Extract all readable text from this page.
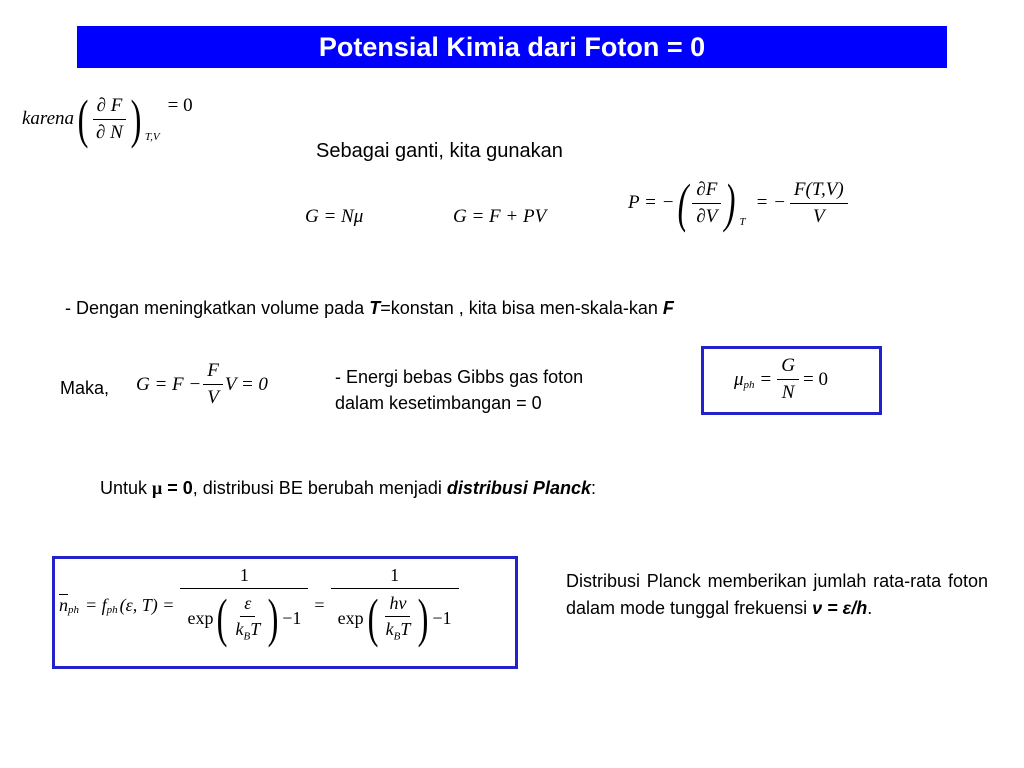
Potensial Kimia dari Foton = 0
karena ( $\frac{\partial F}{\partial N}$ ) $_{T,V}$
= 0
Sebagai ganti, kita gunakan
G = Nμ	G = F + PV
P = − ( $\frac{\partial F}{\partial V}$ ) $_T$
= − $\frac{F(T,V)}{V}$
- Dengan meningkatkan volume pada T=konstan , kita bisa men-skala-kan F
Maka, $G = F - \frac{F}{V}$ V = 0	- Energi bebas Gibbs gas foton
dalam kesetimbangan = 0
$\mu_{ph} = \frac{G}{N} = 0$
Untuk μ = 0, distribusi BE berubah menjadi distribusi Planck:
$\overline{n}_{ph} = f_{ph}$ (ε, T) =
1
exp ( $\frac{\varepsilon}{k_BT}$ ) −1
=
1
exp ( $\frac{h\nu}{k_BT}$ ) −1
Distribusi Planck memberikan jumlah rata-rata foton dalam mode tunggal frekuensi ν = ε/h.
